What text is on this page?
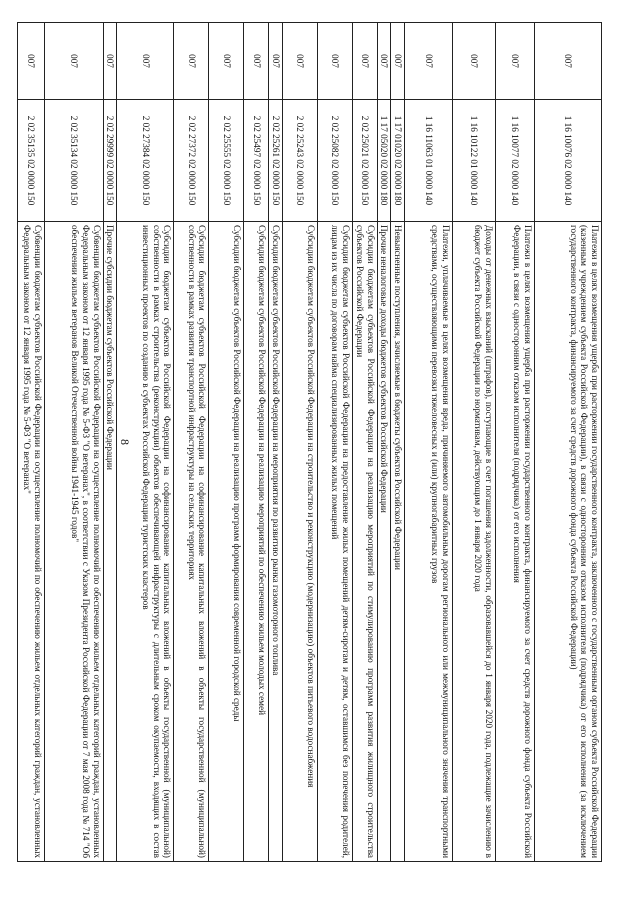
007	1 16 10076 02 0000 140	Платежи в целях возмещения ущерба при расторжении государственного контракта, заключенного с государственным органом субъекта Российской Федерации (казенным учреждением субъекта Российской Федерации), в связи с односторонним отказом исполнителя (подрядчика) от его исполнения (за исключением государственного контракта, финансируемого за счет средств дорожного фонда субъекта Российской Федерации)
007	1 16 10077 02 0000 140	Платежи в целях возмещения ущерба при расторжении государственного контракта, финансируемого за счет средств дорожного фонда субъекта Российской Федерации, в связи с односторонним отказом исполнителя (подрядчика) от его исполнения
007	1 16 10122 01 0000 140	Доходы от денежных взысканий (штрафов), поступающие в счет погашения задолженности, образовавшейся до 1 января 2020 года, подлежащие зачислению в бюджет субъекта Российской Федерации по нормативам, действующим до 1 января 2020 года
007	1 16 11063 01 0000 140	Платежи, уплачиваемые в целях возмещения вреда, причиняемого автомобильным дорогам регионального или межмуниципального значения транспортными средствами, осуществляющими перевозки тяжеловесных и (или) крупногабаритных грузов
007	1 17 01020 02 0000 180	Невыясненные поступления, зачисляемые в бюджеты субъектов Российской Федерации
007	1 17 05020 02 0000 180	Прочие неналоговые доходы бюджетов субъектов Российской Федерации
007	2 02 25021 02 0000 150	Субсидии бюджетам субъектов Российской Федерации на реализацию мероприятий по стимулированию программ развития жилищного строительства субъектов Российской Федерации
007	2 02 25082 02 0000 150	Субсидии бюджетам субъектов Российской Федерации на предоставление жилых помещений детям-сиротам и детям, оставшимся без попечения родителей, лицам из их числа по договорам найма специализированных жилых помещений
007	2 02 25243 02 0000 150	Субсидии бюджетам субъектов Российской Федерации на строительство и реконструкцию (модернизацию) объектов питьевого водоснабжения
007	2 02 25261 02 0000 150	Субсидии бюджетам субъектов Российской Федерации на мероприятия по развитию рынка газомоторного топлива
007	2 02 25497 02 0000 150	Субсидии бюджетам субъектов Российской Федерации на реализацию мероприятий по обеспечению жильем молодых семей
007	2 02 25555 02 0000 150	Субсидии бюджетам субъектов Российской Федерации на реализацию программ формирования современной городской среды
007	2 02 27372 02 0000 150	Субсидии бюджетам субъектов Российской Федерации на софинансирование капитальных вложений в объекты государственной (муниципальной) собственности в рамках развития транспортной инфраструктуры на сельских территориях
007	2 02 27384 02 0000 150	Субсидии бюджетам субъектов Российской Федерации на софинансирование капитальных вложений в объекты государственной (муниципальной) собственности в рамках строительства (реконструкции) объектов обеспечивающей инфраструктуры с длительным сроком окупаемости, входящих в состав инвестиционных проектов по созданию в субъектах Российской Федерации туристских кластеров
007	2 02 29999 02 0000 150	Прочие субсидии бюджетам субъектов Российской Федерации
007	2 02 35134 02 0000 150	Субвенции бюджетам субъектов Российской Федерации на осуществление полномочий по обеспечению жильем отдельных категорий граждан, установленных Федеральным законом от 12 января 1995 года № 5-ФЗ "О ветеранах", в соответствии с Указом Президента Российской Федерации от 7 мая 2008 года № 714 "Об обеспечении жильем ветеранов Великой Отечественной войны 1941-1945 годов"
007	2 02 35135 02 0000 150	Субвенции бюджетам субъектов Российской Федерации на осуществление полномочий по обеспечению жильем отдельных категорий граждан, установленных Федеральным законом от 12 января 1995 года № 5-ФЗ "О ветеранах"	8
